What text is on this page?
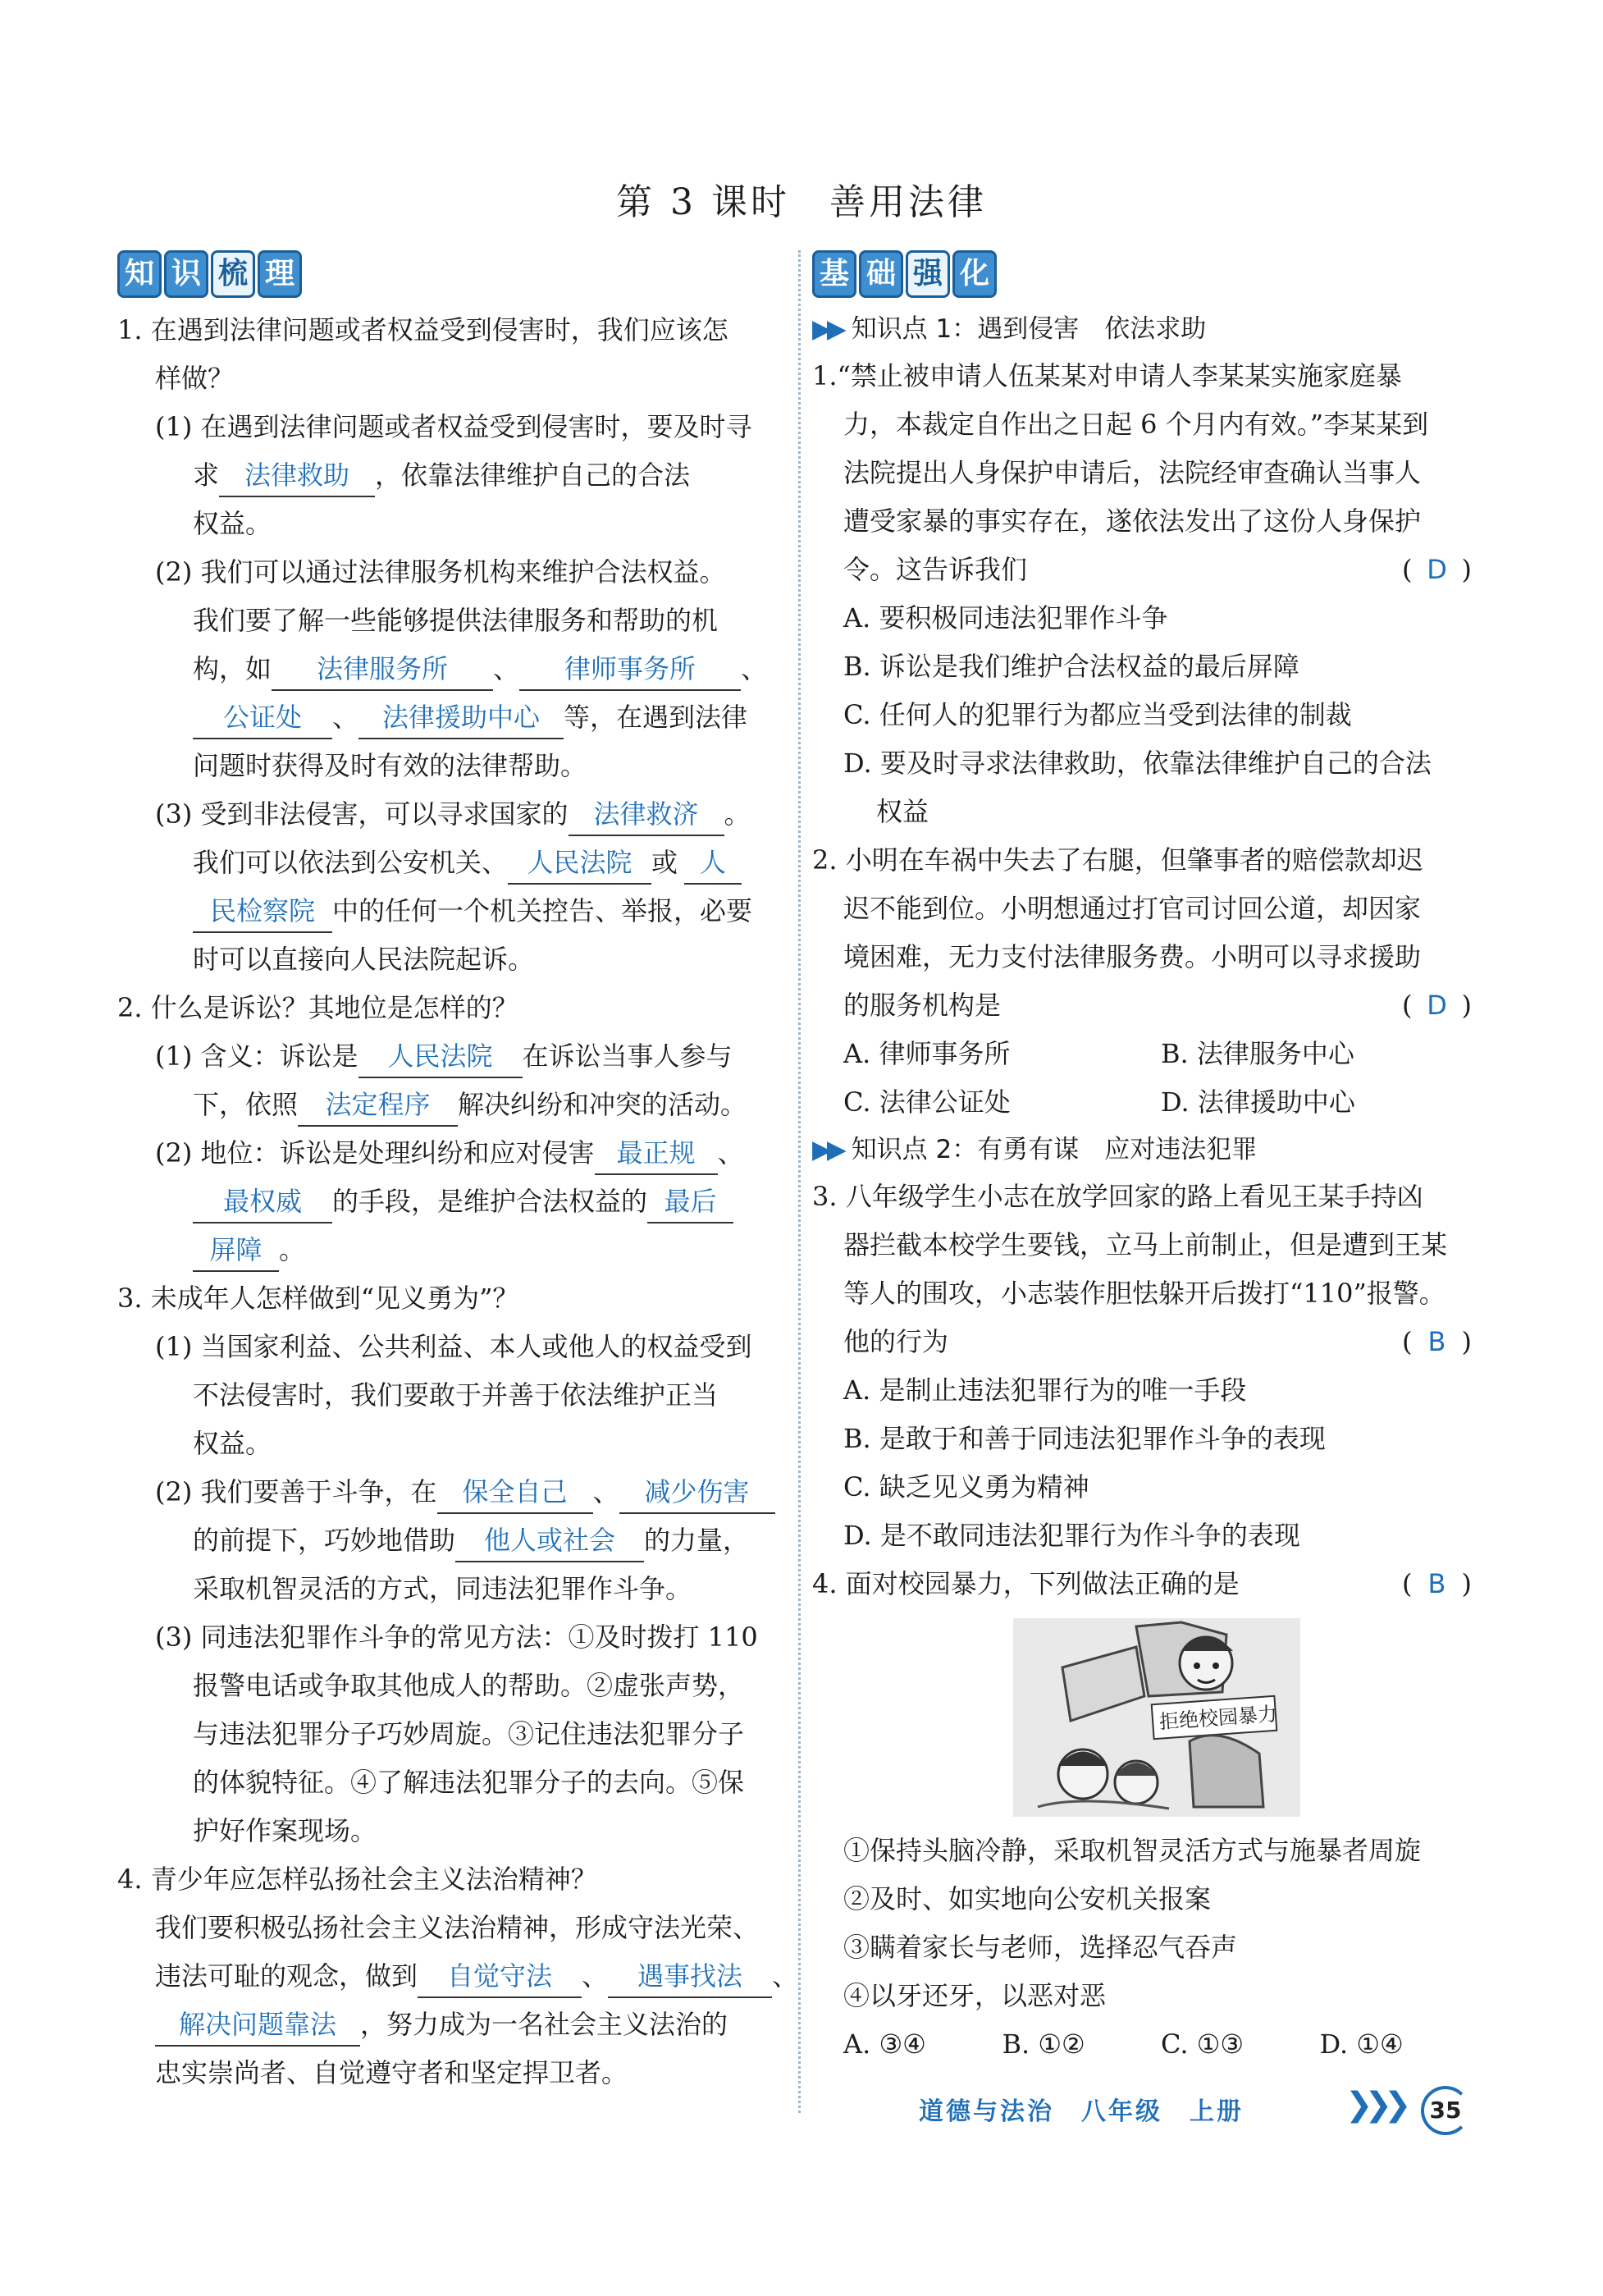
第 3 课时　善用法律
知 识 梳 理
1. 在遇到法律问题或者权益受到侵害时，我们应该怎
样做？
(1) 在遇到法律问题或者权益受到侵害时，要及时寻
求 法律救助 ，依靠法律维护自己的合法
权益。
(2) 我们可以通过法律服务机构来维护合法权益。
我们要了解一些能够提供法律服务和帮助的机
构，如 法律服务所 、 律师事务所 、
公证处 、 法律援助中心 等，在遇到法律
问题时获得及时有效的法律帮助。
(3) 受到非法侵害，可以寻求国家的 法律救济 。
我们可以依法到公安机关、 人民法院 或 人
民检察院 中的任何一个机关控告、举报，必要
时可以直接向人民法院起诉。
2. 什么是诉讼？其地位是怎样的？
(1) 含义：诉讼是 人民法院 在诉讼当事人参与
下，依照 法定程序 解决纠纷和冲突的活动。
(2) 地位：诉讼是处理纠纷和应对侵害 最正规 、
最权威 的手段，是维护合法权益的 最后
屏障 。
3. 未成年人怎样做到“见义勇为”？
(1) 当国家利益、公共利益、本人或他人的权益受到
不法侵害时，我们要敢于并善于依法维护正当
权益。
(2) 我们要善于斗争，在 保全自己 、 减少伤害
的前提下，巧妙地借助 他人或社会 的力量，
采取机智灵活的方式，同违法犯罪作斗争。
(3) 同违法犯罪作斗争的常见方法：①及时拨打 110
报警电话或争取其他成人的帮助。②虚张声势，
与违法犯罪分子巧妙周旋。③记住违法犯罪分子
的体貌特征。④了解违法犯罪分子的去向。⑤保
护好作案现场。
4. 青少年应怎样弘扬社会主义法治精神？
我们要积极弘扬社会主义法治精神，形成守法光荣、
违法可耻的观念，做到 自觉守法 、 遇事找法 、
解决问题靠法 ，努力成为一名社会主义法治的
忠实崇尚者、自觉遵守者和坚定捍卫者。
基 础 强 化
▶▶ 知识点 1：遇到侵害　依法求助
1.“禁止被申请人伍某某对申请人李某某实施家庭暴
力，本裁定自作出之日起 6 个月内有效。”李某某到
法院提出人身保护申请后，法院经审查确认当事人
遭受家暴的事实存在，遂依法发出了这份人身保护
令。这告诉我们	( D )
A. 要积极同违法犯罪作斗争
B. 诉讼是我们维护合法权益的最后屏障
C. 任何人的犯罪行为都应当受到法律的制裁
D. 要及时寻求法律救助，依靠法律维护自己的合法
权益
2. 小明在车祸中失去了右腿，但肇事者的赔偿款却迟
迟不能到位。小明想通过打官司讨回公道，却因家
境困难，无力支付法律服务费。小明可以寻求援助
的服务机构是	( D )
A. 律师事务所	B. 法律服务中心
C. 法律公证处	D. 法律援助中心
▶▶ 知识点 2：有勇有谋　应对违法犯罪
3. 八年级学生小志在放学回家的路上看见王某手持凶
器拦截本校学生要钱，立马上前制止，但是遭到王某
等人的围攻，小志装作胆怯躲开后拨打“110”报警。
他的行为	( B )
A. 是制止违法犯罪行为的唯一手段
B. 是敢于和善于同违法犯罪作斗争的表现
C. 缺乏见义勇为精神
D. 是不敢同违法犯罪行为作斗争的表现
4. 面对校园暴力，下列做法正确的是	( B )
拒绝校园暴力
①保持头脑冷静，采取机智灵活方式与施暴者周旋
②及时、如实地向公安机关报案
③瞒着家长与老师，选择忍气吞声
④以牙还牙，以恶对恶
A. ③④	B. ①②	C. ①③	D. ①④
道德与法治　八年级　上册	❯❯❯	35
